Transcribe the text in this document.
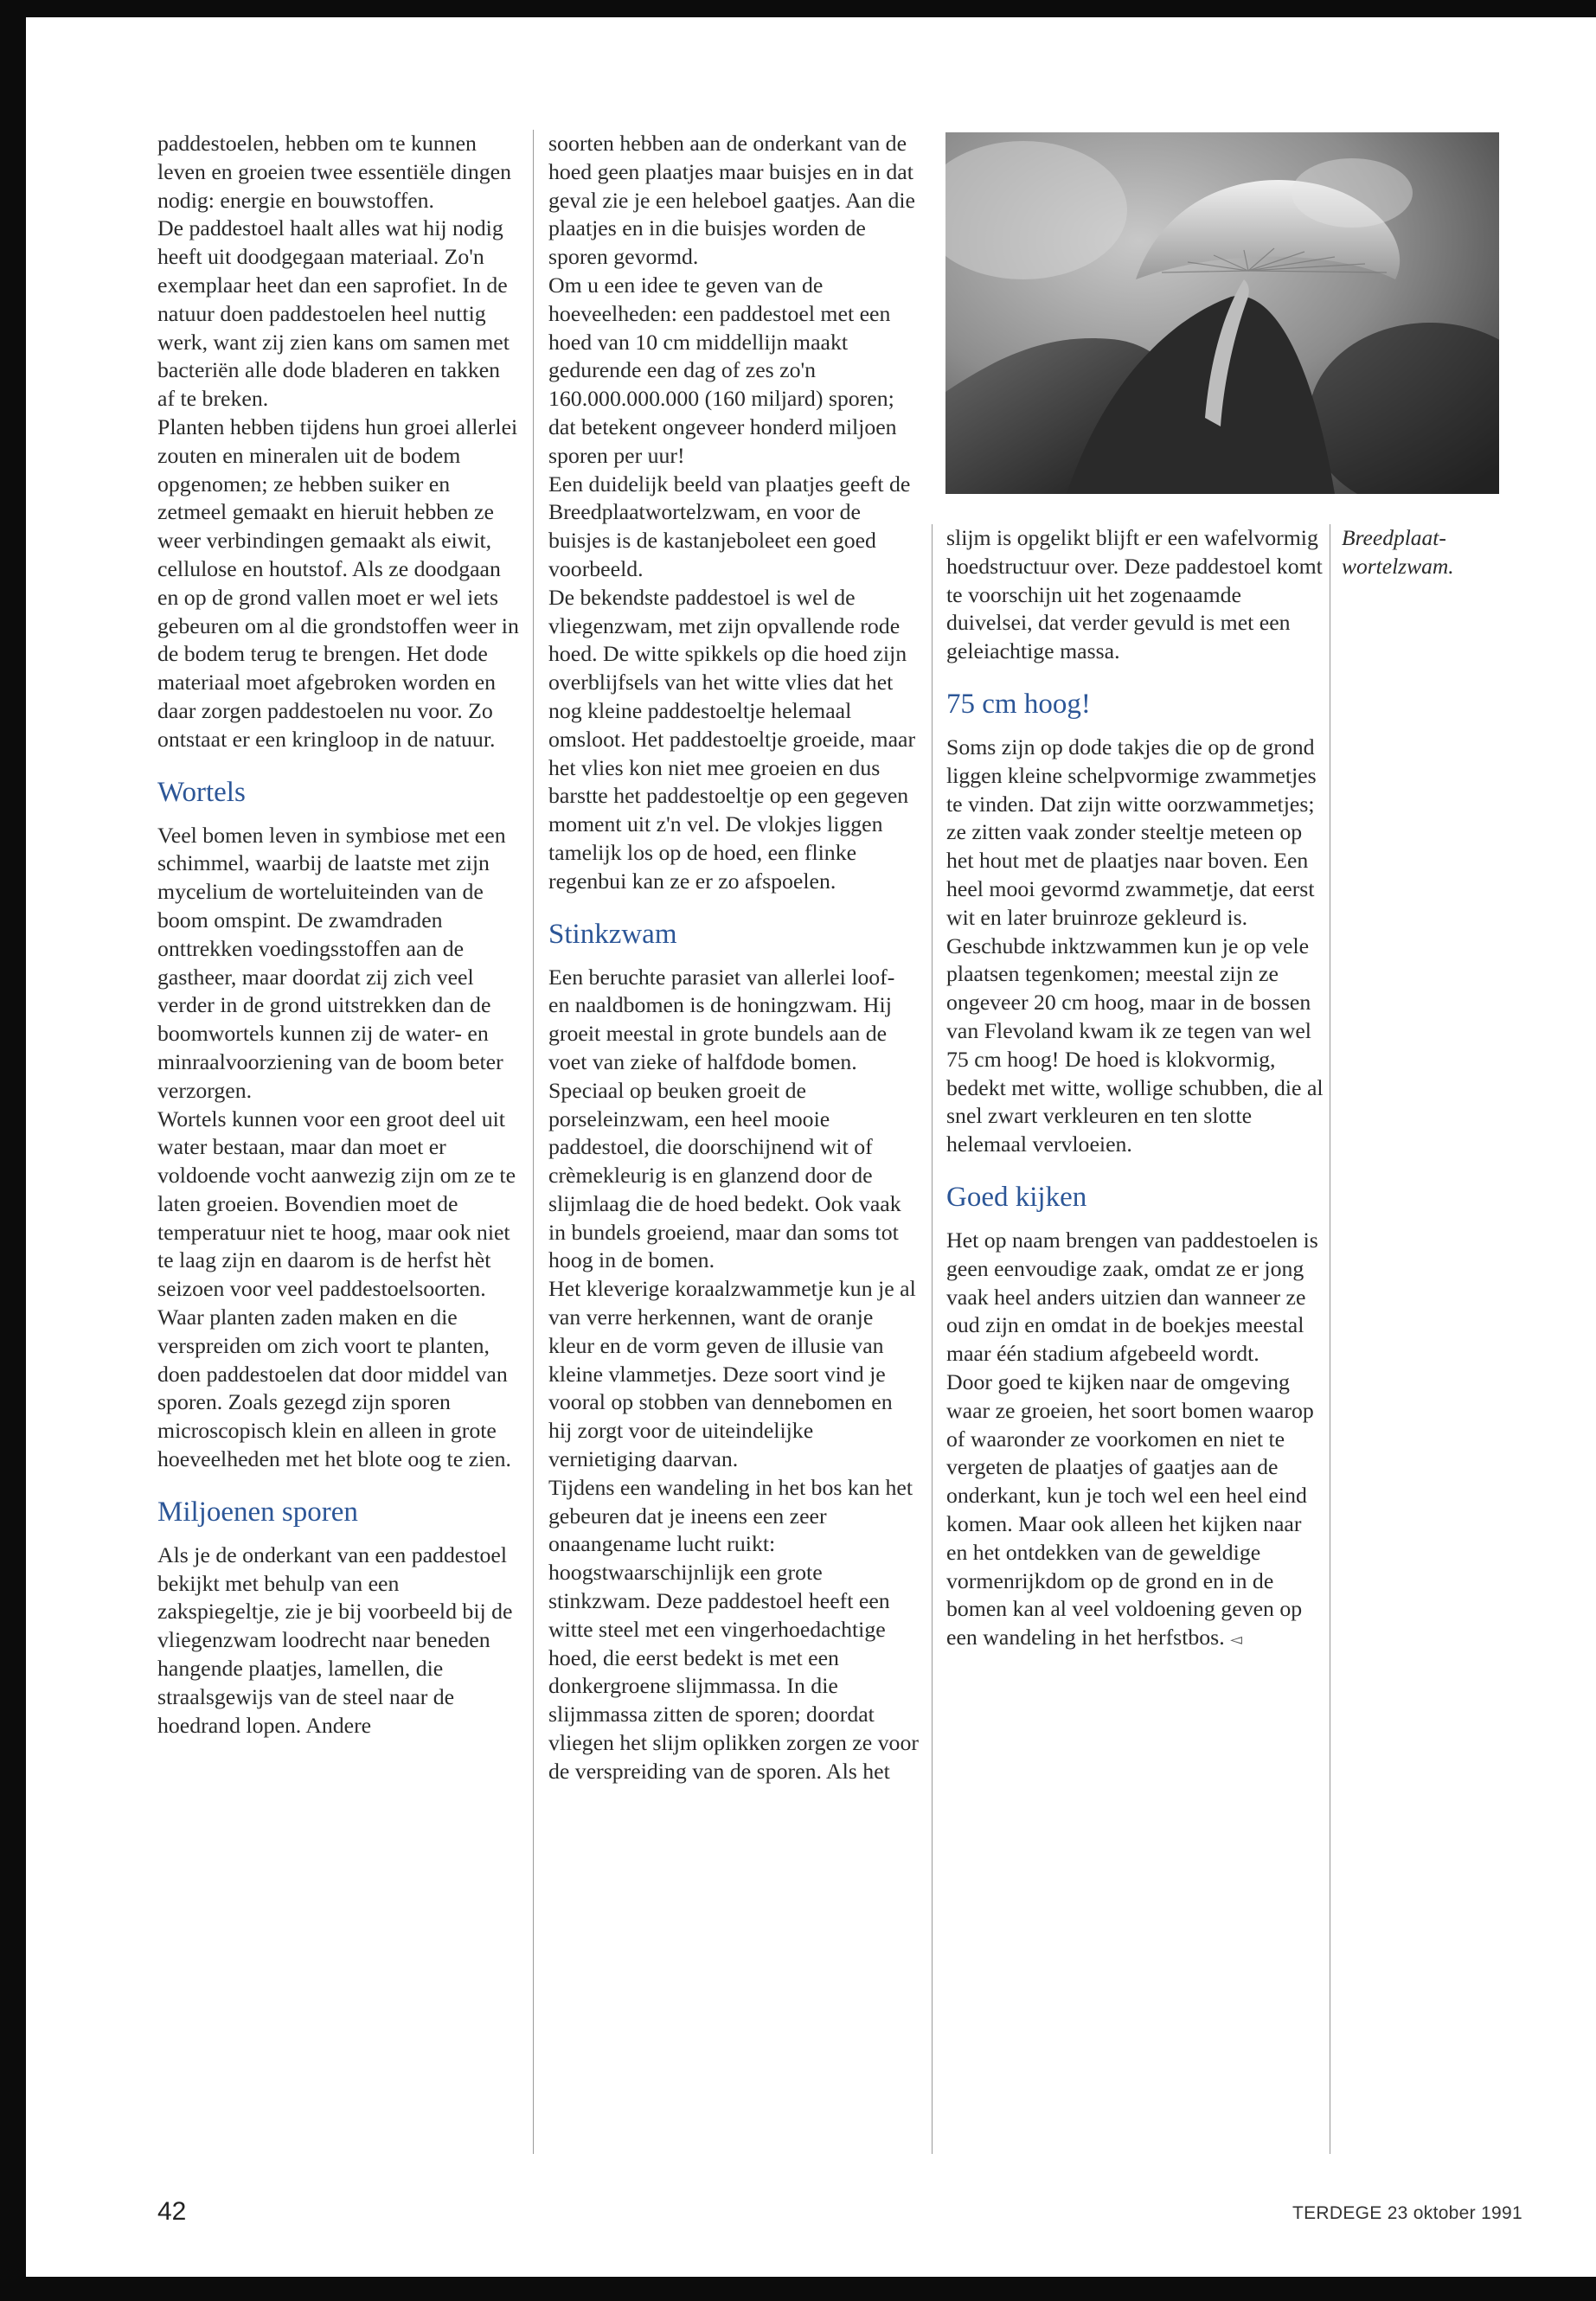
paddestoelen, hebben om te kunnen leven en groeien twee essentiële dingen nodig: energie en bouwstoffen.

De paddestoel haalt alles wat hij nodig heeft uit doodgegaan materiaal. Zo'n exemplaar heet dan een saprofiet. In de natuur doen paddestoelen heel nuttig werk, want zij zien kans om samen met bacteriën alle dode bladeren en takken af te breken.

Planten hebben tijdens hun groei allerlei zouten en mineralen uit de bodem opgenomen; ze hebben suiker en zetmeel gemaakt en hieruit hebben ze weer verbindingen gemaakt als eiwit, cellulose en houtstof. Als ze doodgaan en op de grond vallen moet er wel iets gebeuren om al die grondstoffen weer in de bodem terug te brengen. Het dode materiaal moet afgebroken worden en daar zorgen paddestoelen nu voor. Zo ontstaat er een kringloop in de natuur.

Wortels

Veel bomen leven in symbiose met een schimmel, waarbij de laatste met zijn mycelium de worteluiteinden van de boom omspint. De zwamdraden onttrekken voedingsstoffen aan de gastheer, maar doordat zij zich veel verder in de grond uitstrekken dan de boomwortels kunnen zij de water- en minraalvoorziening van de boom beter verzorgen.

Wortels kunnen voor een groot deel uit water bestaan, maar dan moet er voldoende vocht aanwezig zijn om ze te laten groeien. Bovendien moet de temperatuur niet te hoog, maar ook niet te laag zijn en daarom is de herfst hèt seizoen voor veel paddestoelsoorten.

Waar planten zaden maken en die verspreiden om zich voort te planten, doen paddestoelen dat door middel van sporen. Zoals gezegd zijn sporen microscopisch klein en alleen in grote hoeveelheden met het blote oog te zien.

Miljoenen sporen

Als je de onderkant van een paddestoel bekijkt met behulp van een zakspiegeltje, zie je bij voorbeeld bij de vliegenzwam loodrecht naar beneden hangende plaatjes, lamellen, die straalsgewijs van de steel naar de hoedrand lopen. Andere

soorten hebben aan de onderkant van de hoed geen plaatjes maar buisjes en in dat geval zie je een heleboel gaatjes. Aan die plaatjes en in die buisjes worden de sporen gevormd.

Om u een idee te geven van de hoeveelheden: een paddestoel met een hoed van 10 cm middellijn maakt gedurende een dag of zes zo'n 160.000.000.000 (160 miljard) sporen; dat betekent ongeveer honderd miljoen sporen per uur!

Een duidelijk beeld van plaatjes geeft de Breedplaatwortelzwam, en voor de buisjes is de kastanjeboleet een goed voorbeeld.

De bekendste paddestoel is wel de vliegenzwam, met zijn opvallende rode hoed. De witte spikkels op die hoed zijn overblijfsels van het witte vlies dat het nog kleine paddestoeltje helemaal omsloot. Het paddestoeltje groeide, maar het vlies kon niet mee groeien en dus barstte het paddestoeltje op een gegeven moment uit z'n vel. De vlokjes liggen tamelijk los op de hoed, een flinke regenbui kan ze er zo afspoelen.

Stinkzwam

Een beruchte parasiet van allerlei loof- en naaldbomen is de honingzwam. Hij groeit meestal in grote bundels aan de voet van zieke of halfdode bomen. Speciaal op beuken groeit de porseleinzwam, een heel mooie paddestoel, die doorschijnend wit of crèmekleurig is en glanzend door de slijmlaag die de hoed bedekt. Ook vaak in bundels groeiend, maar dan soms tot hoog in de bomen.

Het kleverige koraalzwammetje kun je al van verre herkennen, want de oranje kleur en de vorm geven de illusie van kleine vlammetjes. Deze soort vind je vooral op stobben van dennebomen en hij zorgt voor de uiteindelijke vernietiging daarvan.

Tijdens een wandeling in het bos kan het gebeuren dat je ineens een zeer onaangename lucht ruikt: hoogstwaarschijnlijk een grote stinkzwam. Deze paddestoel heeft een witte steel met een vingerhoedachtige hoed, die eerst bedekt is met een donkergroene slijmmassa. In die slijmmassa zitten de sporen; doordat vliegen het slijm oplikken zorgen ze voor de verspreiding van de sporen. Als het

slijm is opgelikt blijft er een wafelvormig hoedstructuur over. Deze paddestoel komt te voorschijn uit het zogenaamde duivelsei, dat verder gevuld is met een geleiachtige massa.

75 cm hoog!

Soms zijn op dode takjes die op de grond liggen kleine schelpvormige zwammetjes te vinden. Dat zijn witte oorzwammetjes; ze zitten vaak zonder steeltje meteen op het hout met de plaatjes naar boven. Een heel mooi gevormd zwammetje, dat eerst wit en later bruinroze gekleurd is.

Geschubde inktzwammen kun je op vele plaatsen tegenkomen; meestal zijn ze ongeveer 20 cm hoog, maar in de bossen van Flevoland kwam ik ze tegen van wel 75 cm hoog! De hoed is klokvormig, bedekt met witte, wollige schubben, die al snel zwart verkleuren en ten slotte helemaal vervloeien.

Goed kijken

Het op naam brengen van paddestoelen is geen eenvoudige zaak, omdat ze er jong vaak heel anders uitzien dan wanneer ze oud zijn en omdat in de boekjes meestal maar één stadium afgebeeld wordt.

Door goed te kijken naar de omgeving waar ze groeien, het soort bomen waarop of waaronder ze voorkomen en niet te vergeten de plaatjes of gaatjes aan de onderkant, kun je toch wel een heel eind komen. Maar ook alleen het kijken naar en het ontdekken van de geweldige vormenrijkdom op de grond en in de bomen kan al veel voldoening geven op een wandeling in het herfstbos. ◅

Breedplaat-
wortelzwam.
42	TERDEGE 23 oktober 1991
